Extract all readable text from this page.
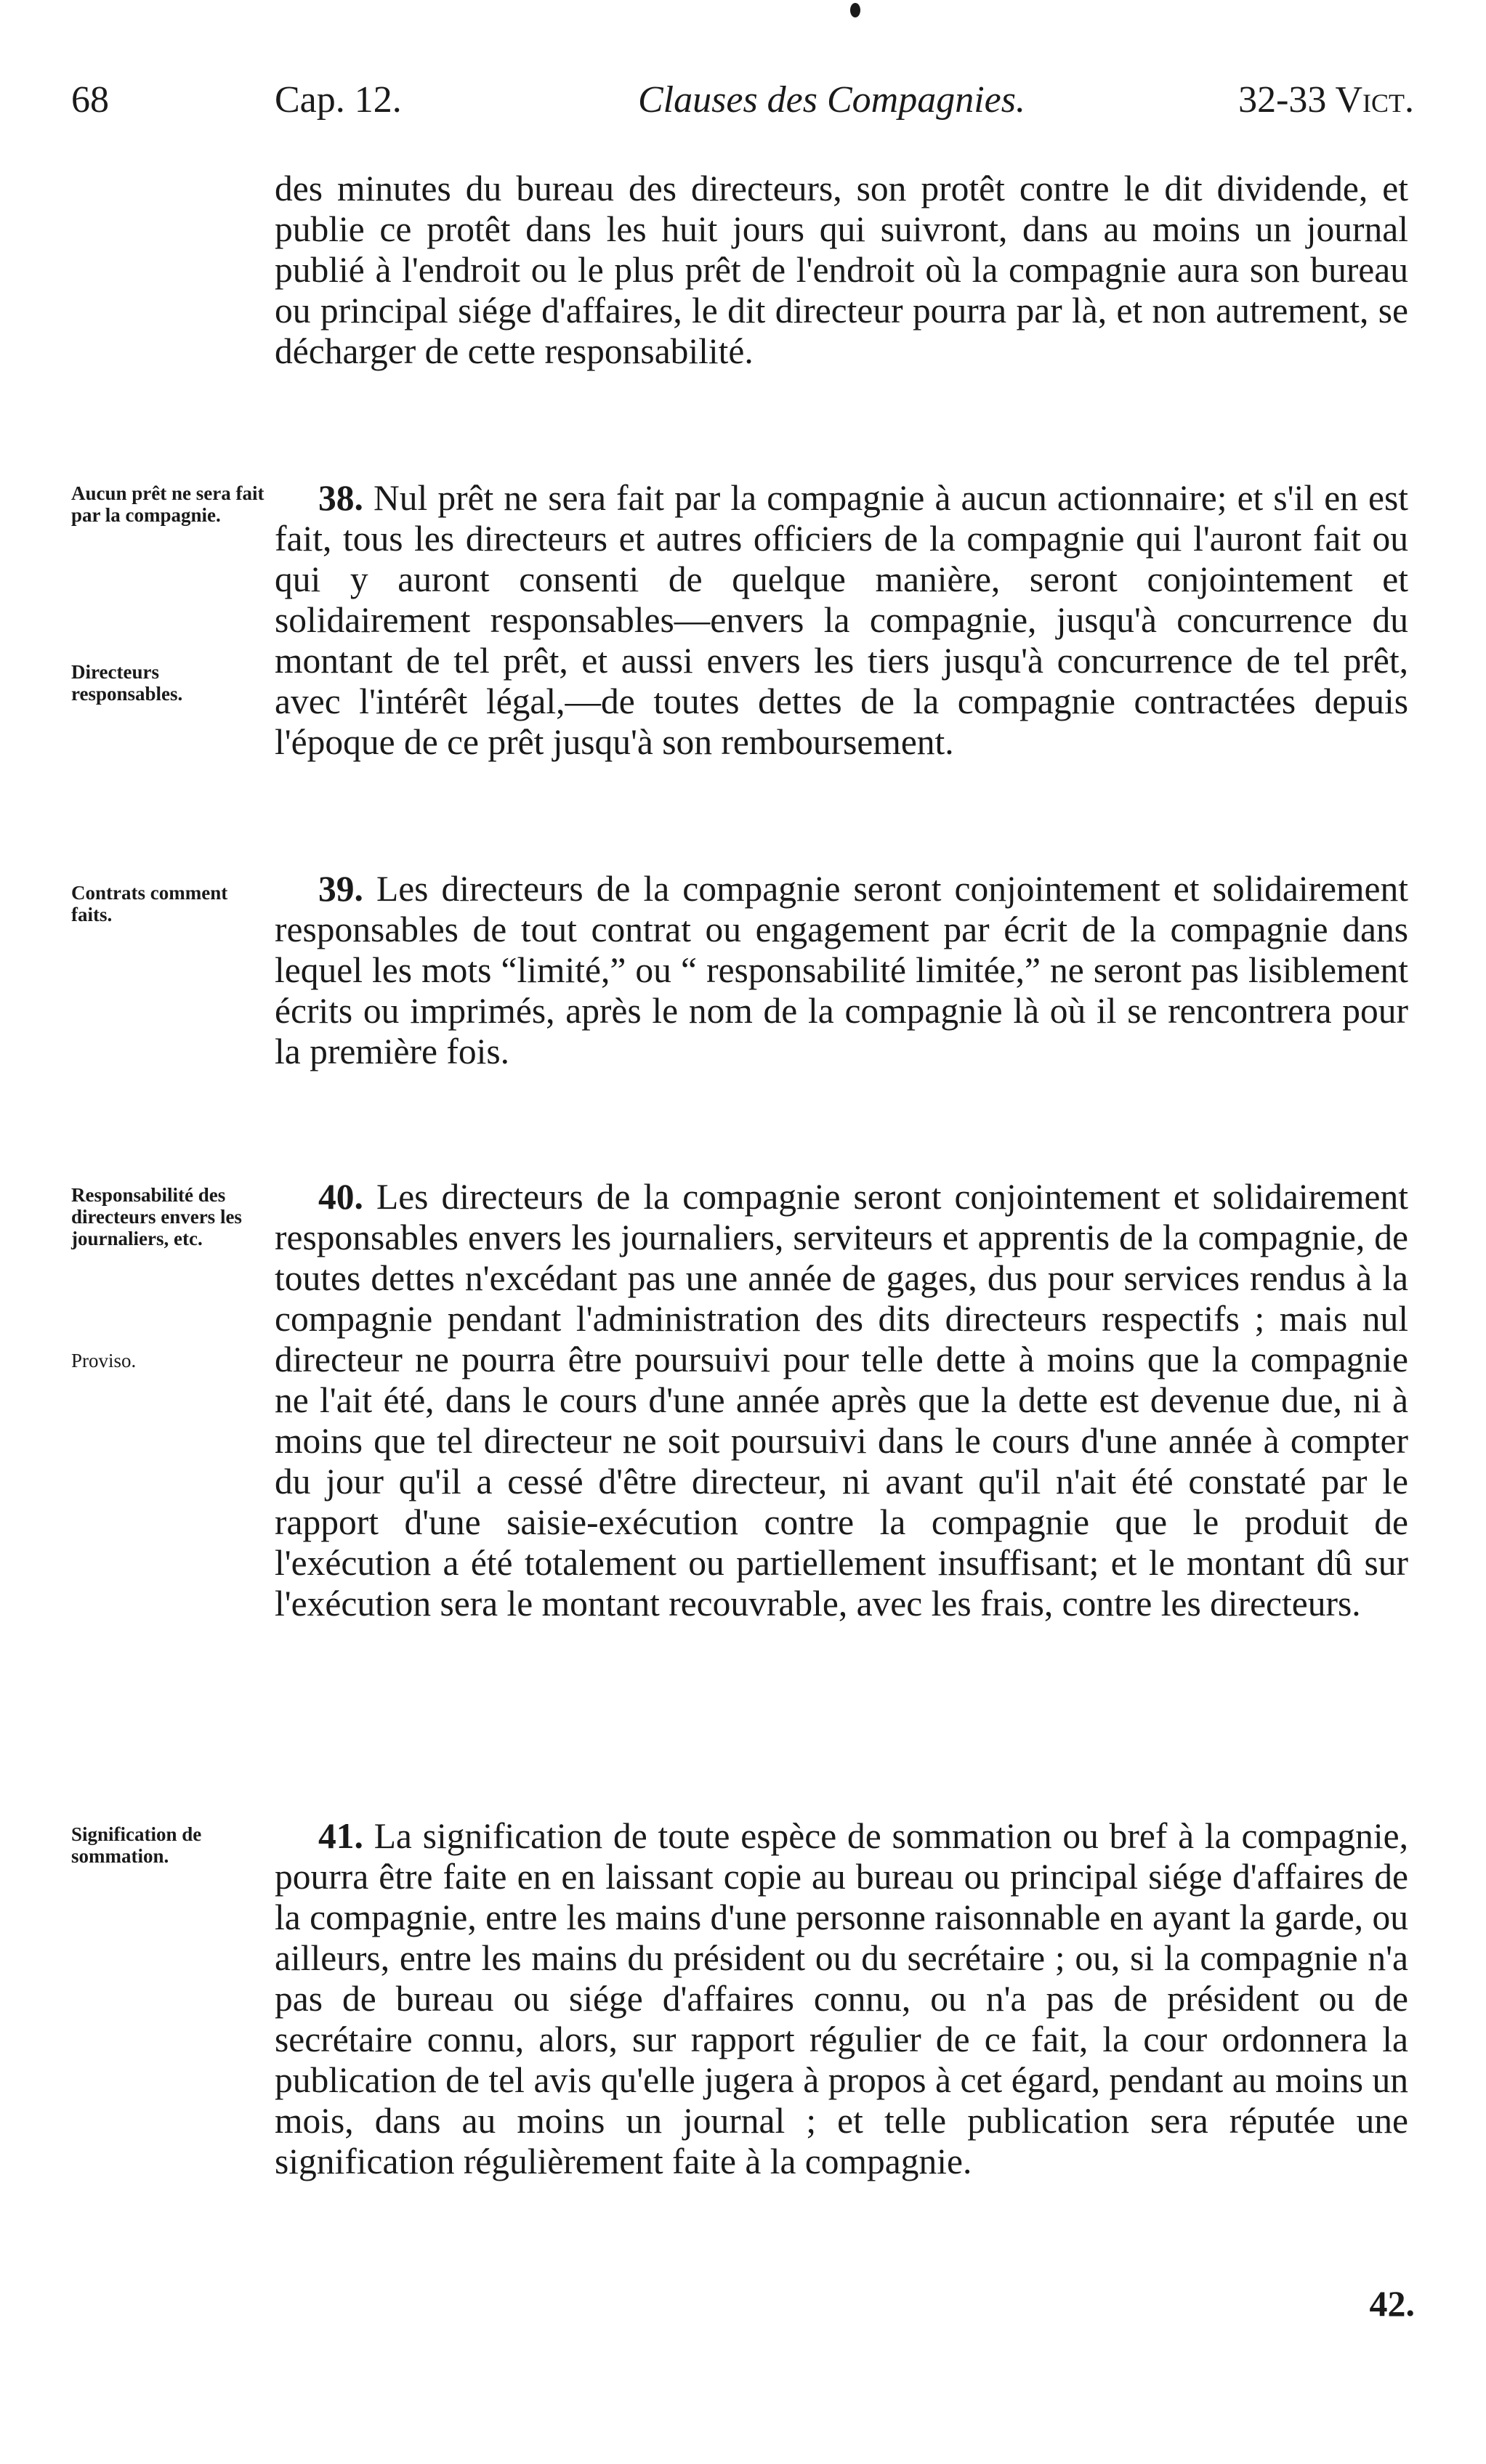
68	Cap. 12.	Clauses des Compagnies.	32-33 Vict.
des minutes du bureau des directeurs, son protêt contre le dit dividende, et publie ce protêt dans les huit jours qui suivront, dans au moins un journal publié à l'endroit ou le plus prêt de l'endroit où la compagnie aura son bureau ou principal siége d'affaires, le dit directeur pourra par là, et non autrement, se décharger de cette responsabilité.
Aucun prêt ne sera fait par la compagnie.
Directeurs responsables.
38. Nul prêt ne sera fait par la compagnie à aucun actionnaire; et s'il en est fait, tous les directeurs et autres officiers de la compagnie qui l'auront fait ou qui y auront consenti de quelque manière, seront conjointement et solidairement responsables—envers la compagnie, jusqu'à concurrence du montant de tel prêt, et aussi envers les tiers jusqu'à concurrence de tel prêt, avec l'intérêt légal,—de toutes dettes de la compagnie contractées depuis l'époque de ce prêt jusqu'à son remboursement.
Contrats comment faits.
39. Les directeurs de la compagnie seront conjointement et solidairement responsables de tout contrat ou engagement par écrit de la compagnie dans lequel les mots “limité,” ou “ responsabilité limitée,” ne seront pas lisiblement écrits ou imprimés, après le nom de la compagnie là où il se rencontrera pour la première fois.
Responsabilité des directeurs envers les journaliers, etc.
Proviso.
40. Les directeurs de la compagnie seront conjointement et solidairement responsables envers les journaliers, serviteurs et apprentis de la compagnie, de toutes dettes n'excédant pas une année de gages, dus pour services rendus à la compagnie pendant l'administration des dits directeurs respectifs ; mais nul directeur ne pourra être poursuivi pour telle dette à moins que la compagnie ne l'ait été, dans le cours d'une année après que la dette est devenue due, ni à moins que tel directeur ne soit poursuivi dans le cours d'une année à compter du jour qu'il a cessé d'être directeur, ni avant qu'il n'ait été constaté par le rapport d'une saisie-exécution contre la compagnie que le produit de l'exécution a été totalement ou partiellement insuffisant; et le montant dû sur l'exécution sera le montant recouvrable, avec les frais, contre les directeurs.
Signification de sommation.	41. La signification de toute espèce de sommation ou bref à la compagnie, pourra être faite en en laissant copie au bureau ou principal siége d'affaires de la compagnie, entre les mains d'une personne raisonnable en ayant la garde, ou ailleurs, entre les mains du président ou du secrétaire ; ou, si la compagnie n'a pas de bureau ou siége d'affaires connu, ou n'a pas de président ou de secrétaire connu, alors, sur rapport régulier de ce fait, la cour ordonnera la publication de tel avis qu'elle jugera à propos à cet égard, pendant au moins un mois, dans au moins un journal ; et telle publication sera réputée une signification régulièrement faite à la compagnie.
42.
